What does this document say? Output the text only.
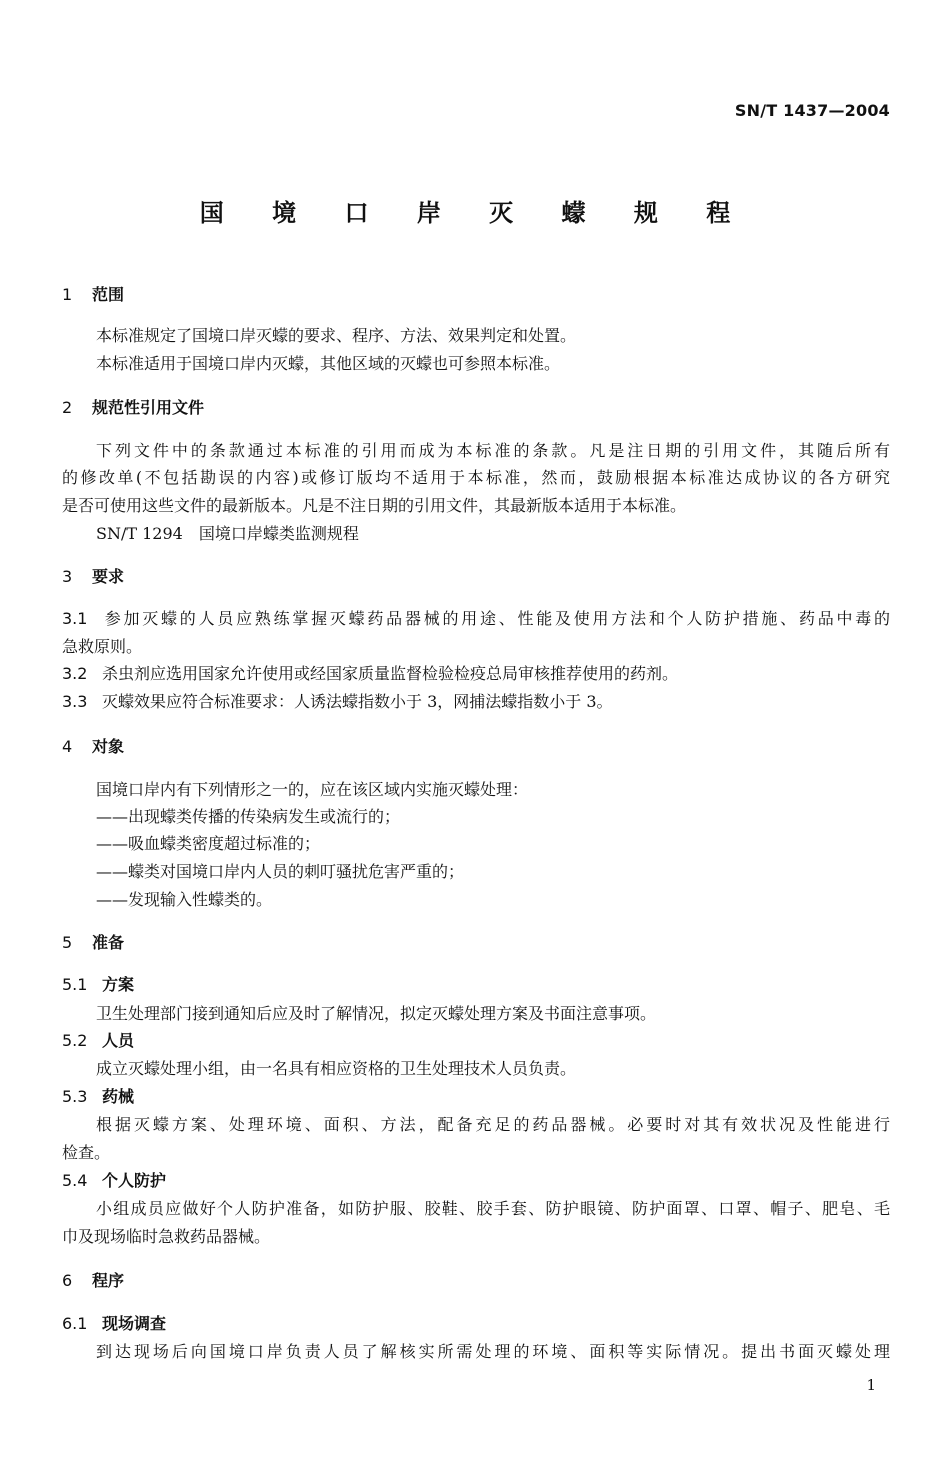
SN/T 1437—2004
国 境 口 岸 灭 蠓 规 程
1 范围
本标准规定了国境口岸灭蠓的要求、程序、方法、效果判定和处置。
本标准适用于国境口岸内灭蠓，其他区域的灭蠓也可参照本标准。
2 规范性引用文件
下列文件中的条款通过本标准的引用而成为本标准的条款。凡是注日期的引用文件，其随后所有
的修改单(不包括勘误的内容)或修订版均不适用于本标准，然而，鼓励根据本标准达成协议的各方研究
是否可使用这些文件的最新版本。凡是不注日期的引用文件，其最新版本适用于本标准。
SN/T 1294　国境口岸蠓类监测规程
3 要求
3.1 参加灭蠓的人员应熟练掌握灭蠓药品器械的用途、性能及使用方法和个人防护措施、药品中毒的
急救原则。
3.2 杀虫剂应选用国家允许使用或经国家质量监督检验检疫总局审核推荐使用的药剂。
3.3 灭蠓效果应符合标准要求：人诱法蠓指数小于 3，网捕法蠓指数小于 3。
4 对象
国境口岸内有下列情形之一的，应在该区域内实施灭蠓处理：
——出现蠓类传播的传染病发生或流行的；
——吸血蠓类密度超过标准的；
——蠓类对国境口岸内人员的刺叮骚扰危害严重的；
——发现输入性蠓类的。
5 准备
5.1 方案
卫生处理部门接到通知后应及时了解情况，拟定灭蠓处理方案及书面注意事项。
5.2 人员
成立灭蠓处理小组，由一名具有相应资格的卫生处理技术人员负责。
5.3 药械
根据灭蠓方案、处理环境、面积、方法，配备充足的药品器械。必要时对其有效状况及性能进行
检查。
5.4 个人防护
小组成员应做好个人防护准备，如防护服、胶鞋、胶手套、防护眼镜、防护面罩、口罩、帽子、肥皂、毛
巾及现场临时急救药品器械。
6 程序
6.1 现场调查
到达现场后向国境口岸负责人员了解核实所需处理的环境、面积等实际情况。提出书面灭蠓处理
1
